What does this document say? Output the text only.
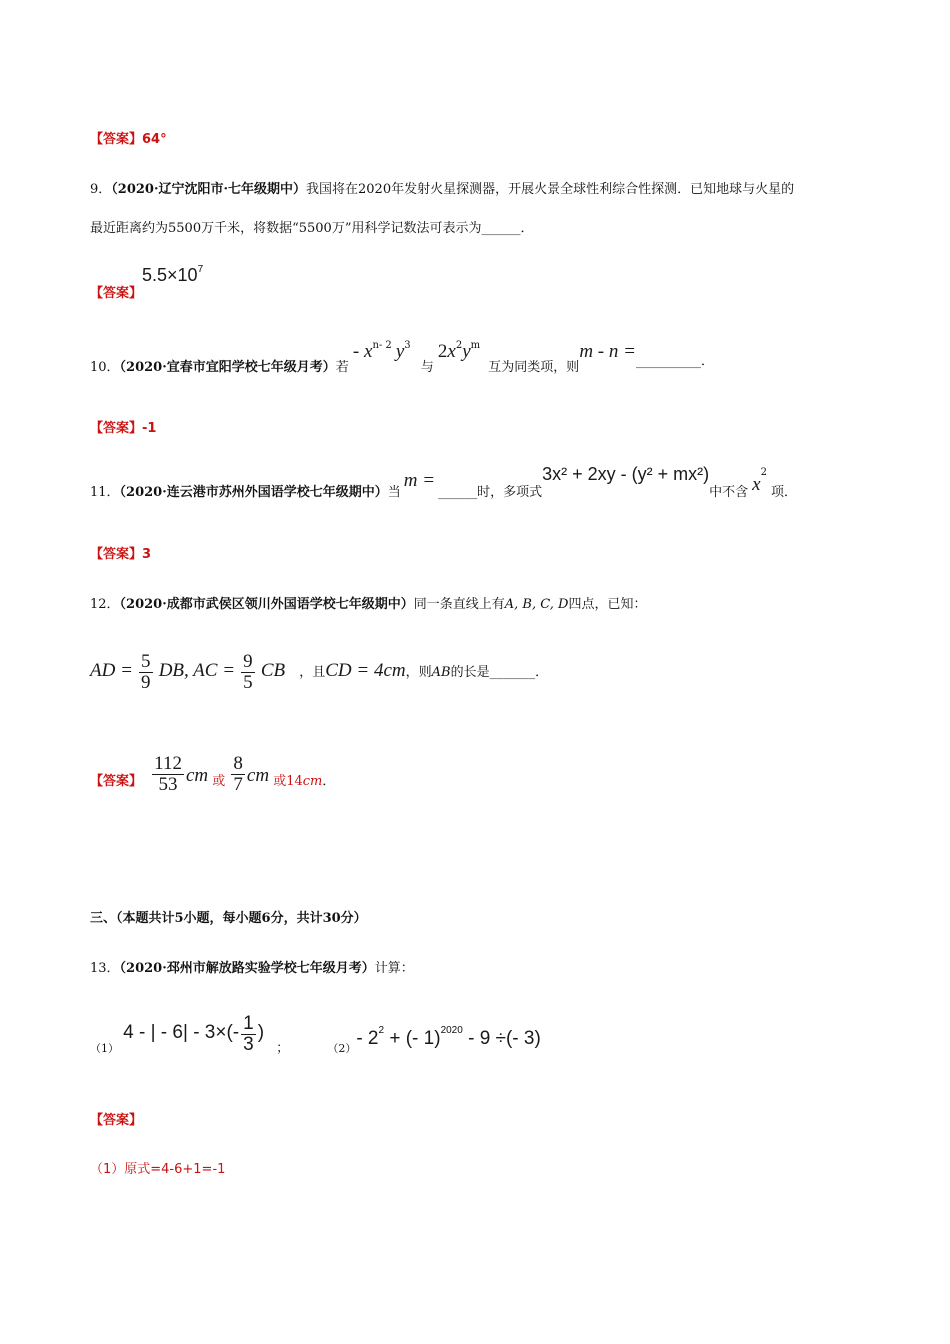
【答案】64°
9．（2020·辽宁沈阳市·七年级期中）我国将在2020年发射火星探测器，开展火景全球性利综合性探测．已知地球与火星的
最近距离约为5500万千米，将数据“5500万”用科学记数法可表示为______．
【答案】$5.5\times 10^7$
10．（2020·宜春市宜阳学校七年级月考）若 - $x^{n- 2}$ $y^3$ 与 $2x^2y^m$ 互为同类项，则m - n =__________．
【答案】-1
11．（2020·连云港市苏州外国语学校七年级期中）当m =______时，多项式3x² + 2xy - (y² + mx²)中不含 $x^2$项．
【答案】3
12．（2020·成都市武侯区领川外国语学校七年级期中）同一条直线上有A, B, C, D四点，已知：
AD = $\frac{5}{9}$ DB, AC = $\frac{9}{5}$ CB ，且CD = 4cm，则AB的长是_______．
【答案】 $\frac{112}{53}$ cm 或 $\frac{8}{7}$ cm 或14cm．
三、（本题共计5小题，每小题6分，共计30分）
13．（2020·邳州市解放路实验学校七年级月考）计算：
$_{(1)}$ 4 - | - $6| - 3\times(- \frac{1}{3}$ ) ；	$_{(2)}$- $2^2$ + (- 1)$^{2020}$ - 9 ÷(- 3)
【答案】
（1）原式=4-6+1=-1
